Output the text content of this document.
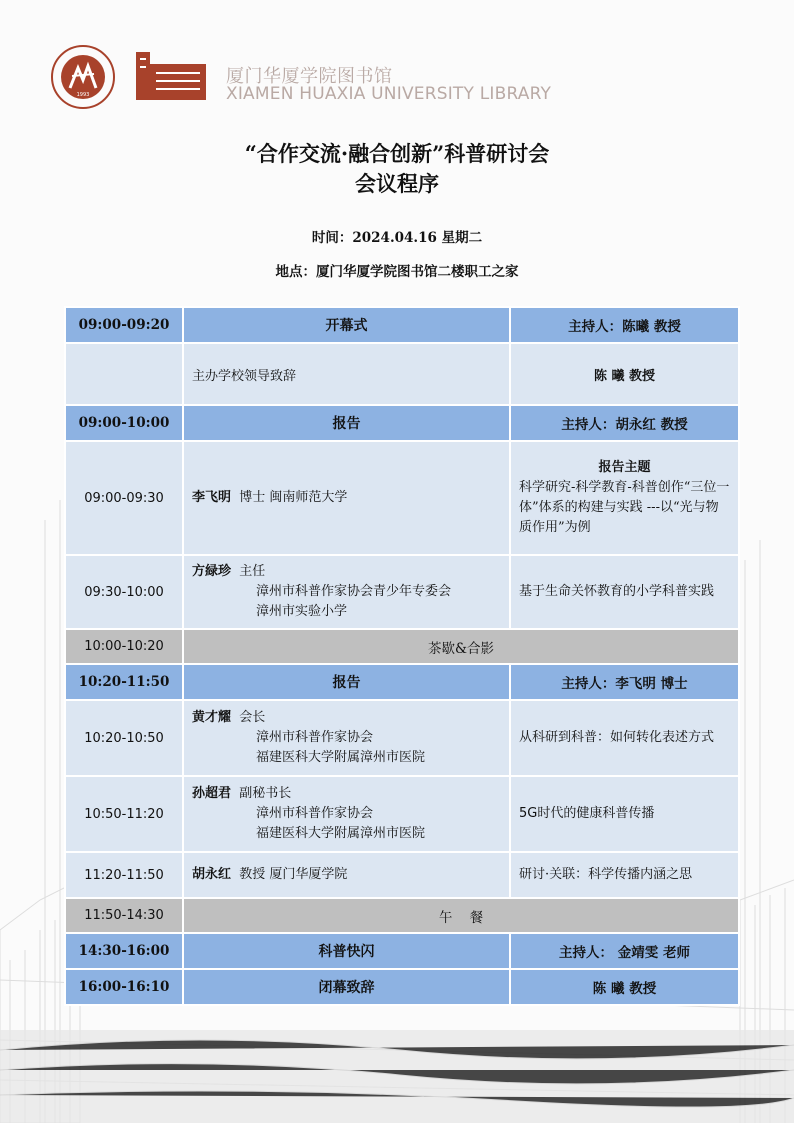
1993
厦门华厦学院图书馆
XIAMEN HUAXIA UNIVERSITY LIBRARY
“合作交流·融合创新”科普研讨会
会议程序
时间：2024.04.16 星期二
地点：厦门华厦学院图书馆二楼职工之家
09:00-09:20	开幕式	主持人：陈曦 教授
	主办学校领导致辞	陈 曦 教授
09:00-10:00	报告	主持人：胡永红 教授
09:00-09:30	李飞明 博士 闽南师范大学	报告主题
科学研究-科学教育-科普创作“三位一体”体系的构建与实践 ---以“光与物质作用”为例
09:30-10:00	方緑珍 主任
漳州市科普作家协会青少年专委会
漳州市实验小学	基于生命关怀教育的小学科普实践
10:00-10:20	茶歇&合影	
10:20-11:50	报告	主持人：李飞明 博士
10:20-10:50	黄才耀 会长
漳州市科普作家协会
福建医科大学附属漳州市医院	从科研到科普：如何转化表述方式
10:50-11:20	孙超君 副秘书长
漳州市科普作家协会
福建医科大学附属漳州市医院	5G时代的健康科普传播
11:20-11:50	胡永红 教授 厦门华厦学院	研讨·关联：科学传播内涵之思
11:50-14:30	午    餐	
14:30-16:00	科普快闪	主持人： 金靖雯 老师
16:00-16:10	闭幕致辞	陈 曦 教授
